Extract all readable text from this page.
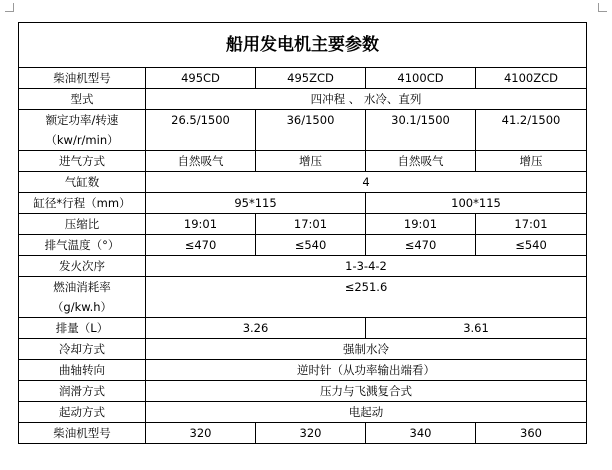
船用发电机主要参数				
柴油机型号	495CD	495ZCD	4100CD	4100ZCD
型式	四冲程 、 水冷、直列			

额定功率/转速
（kw/r/min）	26.5/1500	36/1500	30.1/1500	41.2/1500
进气方式	自然吸气	增压	自然吸气	增压
气缸数	4			
缸径*行程（mm）	95*115		100*115	
压缩比	19:01	17:01	19:01	17:01
排气温度（°）	≤470	≤540	≤470	≤540
发火次序	1-3-4-2			

燃油消耗率
（g/kw.h）	≤251.6			
排量（L）	3.26		3.61	
冷却方式	强制水冷			
曲轴转向	逆时针（从功率输出端看）			
润滑方式	压力与飞溅复合式			
起动方式	电起动			
柴油机型号	320	320	340	360
